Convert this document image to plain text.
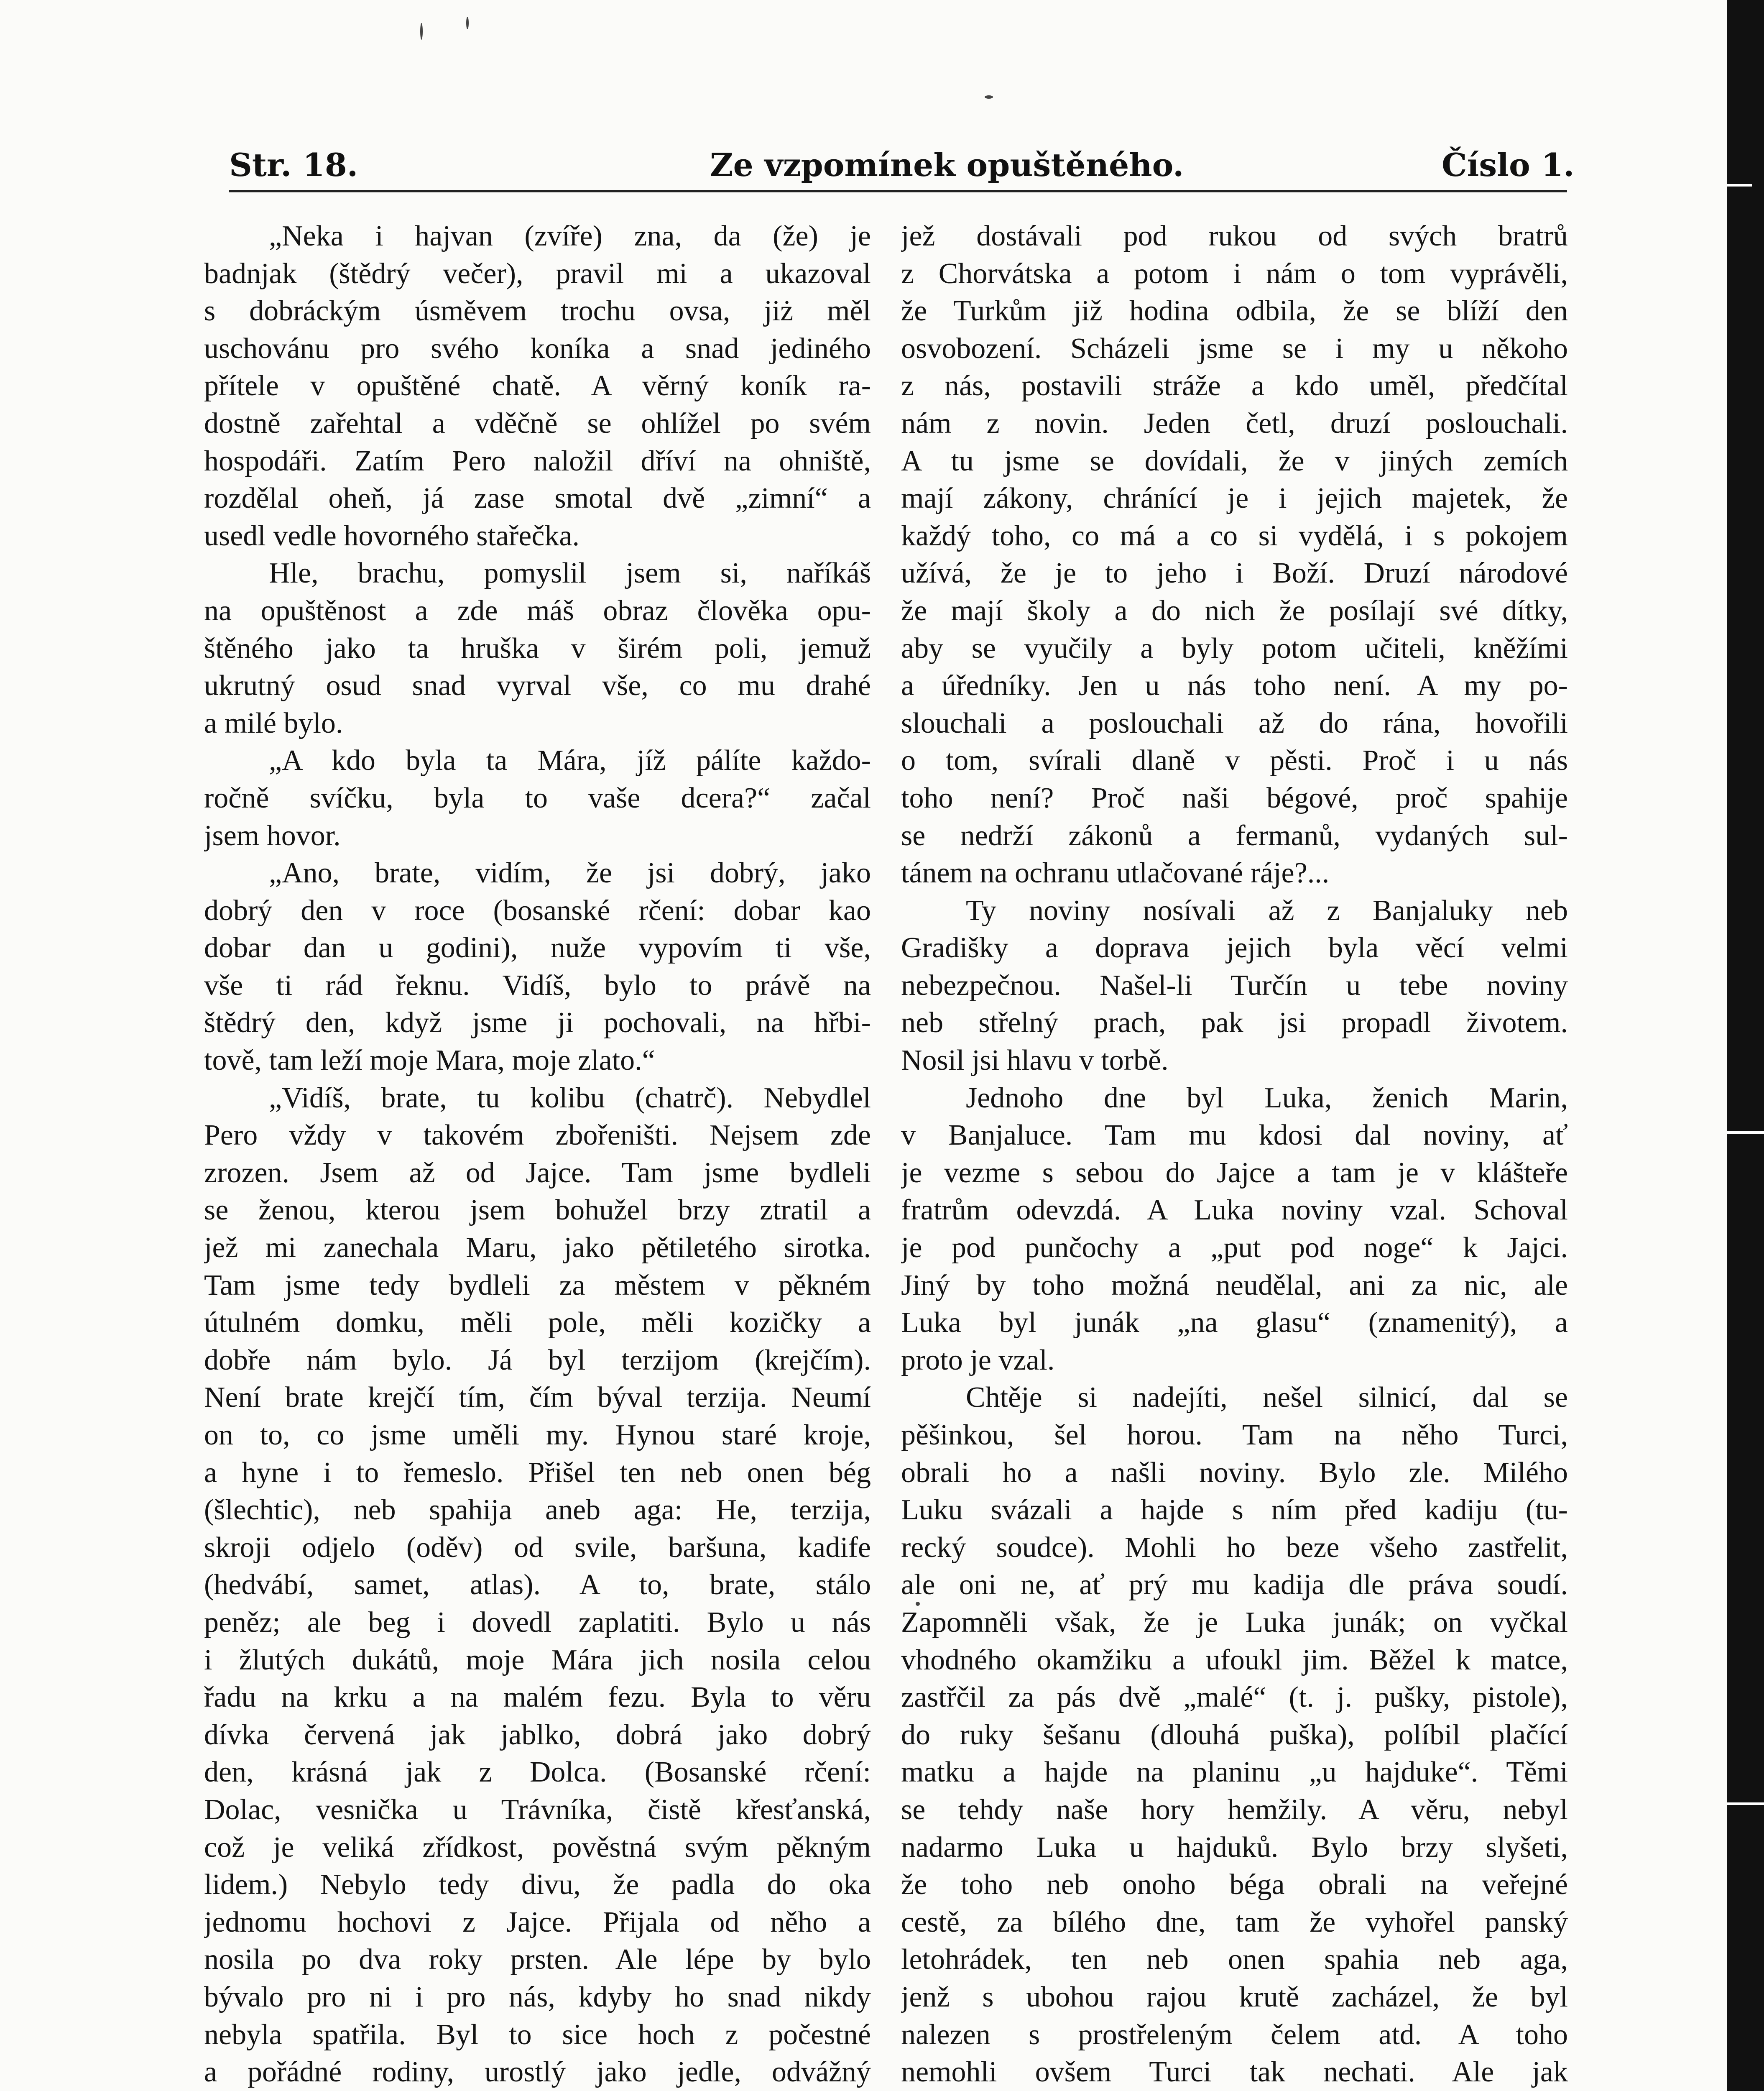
Str. 18.	Ze vzpomínek opuštěného.	Číslo 1.
„Neka i hajvan (zvíře) zna, da (že) je
badnjak (štědrý večer), pravil mi a ukazoval
s dobráckým úsměvem trochu ovsa, jiż měl
uschovánu pro svého koníka a snad jediného
přítele v opuštěné chatě. A věrný koník ra-
dostně zařehtal a vděčně se ohlížel po svém
hospodáři. Zatím Pero naložil dříví na ohniště,
rozdělal oheň, já zase smotal dvě „zimní“ a
usedl vedle hovorného stařečka.
Hle, brachu, pomyslil jsem si, naříkáš
na opuštěnost a zde máš obraz člověka opu-
štěného jako ta hruška v širém poli, jemuž
ukrutný osud snad vyrval vše, co mu drahé
a milé bylo.
„A kdo byla ta Mára, jíž pálíte každo-
ročně svíčku, byla to vaše dcera?“ začal
jsem hovor.
„Ano, brate, vidím, že jsi dobrý, jako
dobrý den v roce (bosanské rčení: dobar kao
dobar dan u godini), nuže vypovím ti vše,
vše ti rád řeknu. Vidíš, bylo to právě na
štědrý den, když jsme ji pochovali, na hřbi-
tově, tam leží moje Mara, moje zlato.“
„Vidíš, brate, tu kolibu (chatrč). Nebydlel
Pero vždy v takovém zbořeništi. Nejsem zde
zrozen. Jsem až od Jajce. Tam jsme bydleli
se ženou, kterou jsem bohužel brzy ztratil a
jež mi zanechala Maru, jako pětiletého sirotka.
Tam jsme tedy bydleli za městem v pěkném
útulném domku, měli pole, měli kozičky a
dobře nám bylo. Já byl terzijom (krejčím).
Není brate krejčí tím, čím býval terzija. Neumí
on to, co jsme uměli my. Hynou staré kroje,
a hyne i to řemeslo. Přišel ten neb onen bég
(šlechtic), neb spahija aneb aga: He, terzija,
skroji odjelo (oděv) od svile, baršuna, kadife
(hedvábí, samet, atlas). A to, brate, stálo
peněz; ale beg i dovedl zaplatiti. Bylo u nás
i žlutých dukátů, moje Mára jich nosila celou
řadu na krku a na malém fezu. Byla to věru
dívka červená jak jablko, dobrá jako dobrý
den, krásná jak z Dolca. (Bosanské rčení:
Dolac, vesnička u Trávníka, čistě křesťanská,
což je veliká zřídkost, pověstná svým pěkným
lidem.) Nebylo tedy divu, že padla do oka
jednomu hochovi z Jajce. Přijala od něho a
nosila po dva roky prsten. Ale lépe by bylo
bývalo pro ni i pro nás, kdyby ho snad nikdy
nebyla spatřila. Byl to sice hoch z počestné
a pořádné rodiny, urostlý jako jedle, odvážný
jež dostávali pod rukou od svých bratrů
z Chorvátska a potom i nám o tom vyprávěli,
že Turkům již hodina odbila, že se blíží den
osvobození. Scházeli jsme se i my u někoho
z nás, postavili stráže a kdo uměl, předčítal
nám z novin. Jeden četl, druzí poslouchali.
A tu jsme se dovídali, že v jiných zemích
mají zákony, chránící je i jejich majetek, že
každý toho, co má a co si vydělá, i s pokojem
užívá, že je to jeho i Boží. Druzí národové
že mají školy a do nich že posílají své dítky,
aby se vyučily a byly potom učiteli, kněžími
a úředníky. Jen u nás toho není. A my po-
slouchali a poslouchali až do rána, hovořili
o tom, svírali dlaně v pěsti. Proč i u nás
toho není? Proč naši bégové, proč spahije
se nedrží zákonů a fermanů, vydaných sul-
tánem na ochranu utlačované ráje?...
Ty noviny nosívali až z Banjaluky neb
Gradišky a doprava jejich byla věcí velmi
nebezpečnou. Našel-li Turčín u tebe noviny
neb střelný prach, pak jsi propadl životem.
Nosil jsi hlavu v torbě.
Jednoho dne byl Luka, ženich Marin,
v Banjaluce. Tam mu kdosi dal noviny, ať
je vezme s sebou do Jajce a tam je v klášteře
fratrům odevzdá. A Luka noviny vzal. Schoval
je pod punčochy a „put pod noge“ k Jajci.
Jiný by toho možná neudělal, ani za nic, ale
Luka byl junák „na glasu“ (znamenitý), a
proto je vzal.
Chtěje si nadejíti, nešel silnicí, dal se
pěšinkou, šel horou. Tam na něho Turci,
obrali ho a našli noviny. Bylo zle. Milého
Luku svázali a hajde s ním před kadiju (tu-
recký soudce). Mohli ho beze všeho zastřelit,
ale oni ne, ať prý mu kadija dle práva soudí.
Zapomněli však, že je Luka junák; on vyčkal
vhodného okamžiku a ufoukl jim. Běžel k matce,
zastřčil za pás dvě „malé“ (t. j. pušky, pistole),
do ruky šešanu (dlouhá puška), políbil plačící
matku a hajde na planinu „u hajduke“. Těmi
se tehdy naše hory hemžily. A věru, nebyl
nadarmo Luka u hajduků. Bylo brzy slyšeti,
že toho neb onoho béga obrali na veřejné
cestě, za bílého dne, tam že vyhořel panský
letohrádek, ten neb onen spahia neb aga,
jenž s ubohou rajou krutě zacházel, že byl
nalezen s prostřeleným čelem atd. A toho
nemohli ovšem Turci tak nechati. Ale jak
